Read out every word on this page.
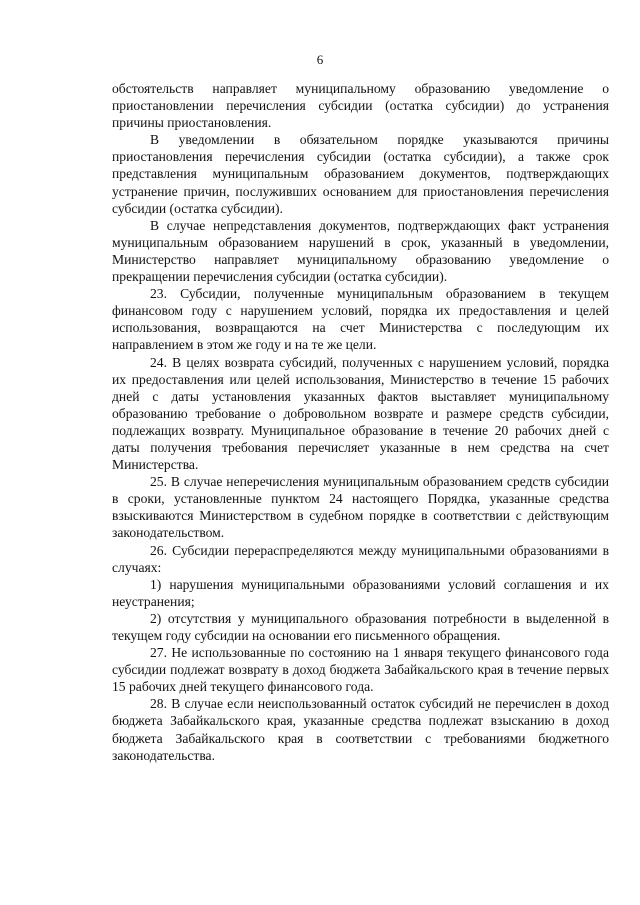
6

обстоятельств направляет муниципальному образованию уведомление о приостановлении перечисления субсидии (остатка субсидии) до устранения причины приостановления.

В уведомлении в обязательном порядке указываются причины приостановления перечисления субсидии (остатка субсидии), а также срок представления муниципальным образованием документов, подтверждающих устранение причин, послуживших основанием для приостановления перечисления субсидии (остатка субсидии).

В случае непредставления документов, подтверждающих факт устранения муниципальным образованием нарушений в срок, указанный в уведомлении, Министерство направляет муниципальному образованию уведомление о прекращении перечисления субсидии (остатка субсидии).

23. Субсидии, полученные муниципальным образованием в текущем финансовом году с нарушением условий, порядка их предоставления и целей использования, возвращаются на счет Министерства с последующим их направлением в этом же году и на те же цели.

24. В целях возврата субсидий, полученных с нарушением условий, порядка их предоставления или целей использования, Министерство в течение 15 рабочих дней с даты установления указанных фактов выставляет муниципальному образованию требование о добровольном возврате и размере средств субсидии, подлежащих возврату. Муниципальное образование в течение 20 рабочих дней с даты получения требования перечисляет указанные в нем средства на счет Министерства.

25. В случае неперечисления муниципальным образованием средств субсидии в сроки, установленные пунктом 24 настоящего Порядка, указанные средства взыскиваются Министерством в судебном порядке в соответствии с действующим законодательством.

26. Субсидии перераспределяются между муниципальными образованиями в случаях:

1) нарушения муниципальными образованиями условий соглашения и их неустранения;

2) отсутствия у муниципального образования потребности в выделенной в текущем году субсидии на основании его письменного обращения.

27. Не использованные по состоянию на 1 января текущего финансового года субсидии подлежат возврату в доход бюджета Забайкальского края в течение первых 15 рабочих дней текущего финансового года.

28. В случае если неиспользованный остаток субсидий не перечислен в доход бюджета Забайкальского края, указанные средства подлежат взысканию в доход бюджета Забайкальского края в соответствии с требованиями бюджетного законодательства.
